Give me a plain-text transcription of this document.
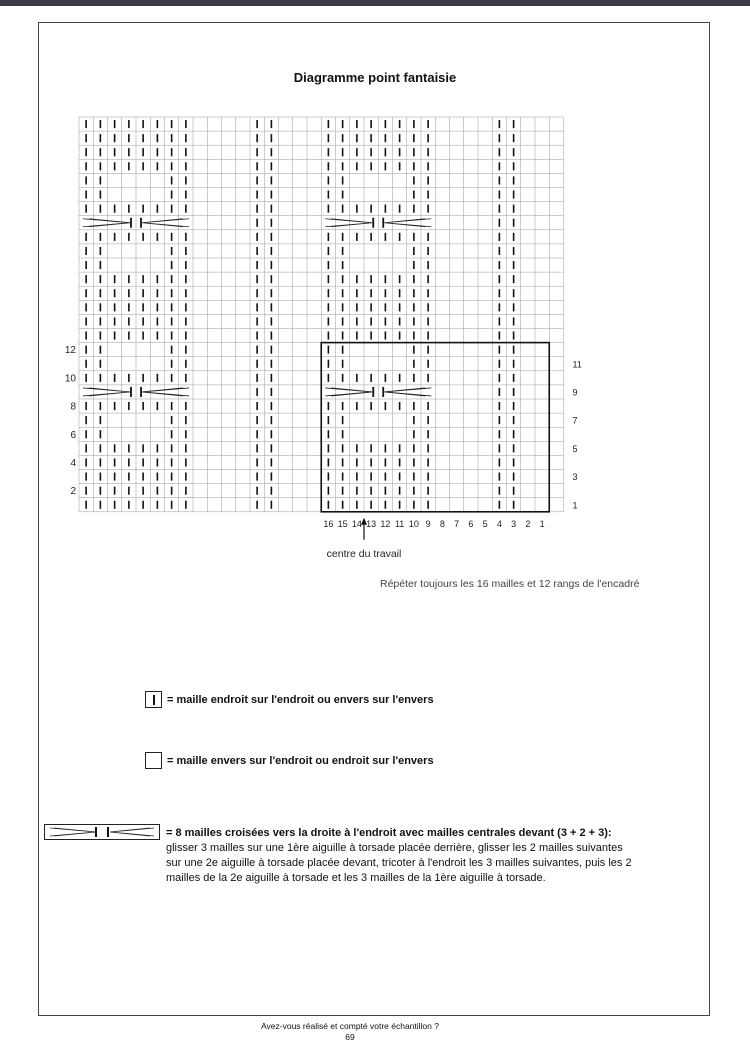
Diagramme point fantaisie
2
4
6
8
10
12
1
3
5
7
9
11
16 15 14 13 12 11 10 9 8 7 6 5 4 3 2 1
centre du travail
Répéter toujours les 16 mailles et 12 rangs de l'encadré
= maille endroit sur l'endroit ou envers sur l'envers
= maille envers sur l'endroit ou endroit sur l'envers
= 8 mailles croisées vers la droite à l'endroit avec mailles centrales devant (3 + 2 + 3): glisser 3 mailles sur une 1ère aiguille à torsade placée derrière, glisser les 2 mailles suivantes sur une 2e aiguille à torsade placée devant, tricoter à l'endroit les 3 mailles suivantes, puis les 2 mailles de la 2e aiguille à torsade et les 3 mailles de la 1ère aiguille à torsade.
Avez-vous réalisé et compté votre échantillon ?
69
